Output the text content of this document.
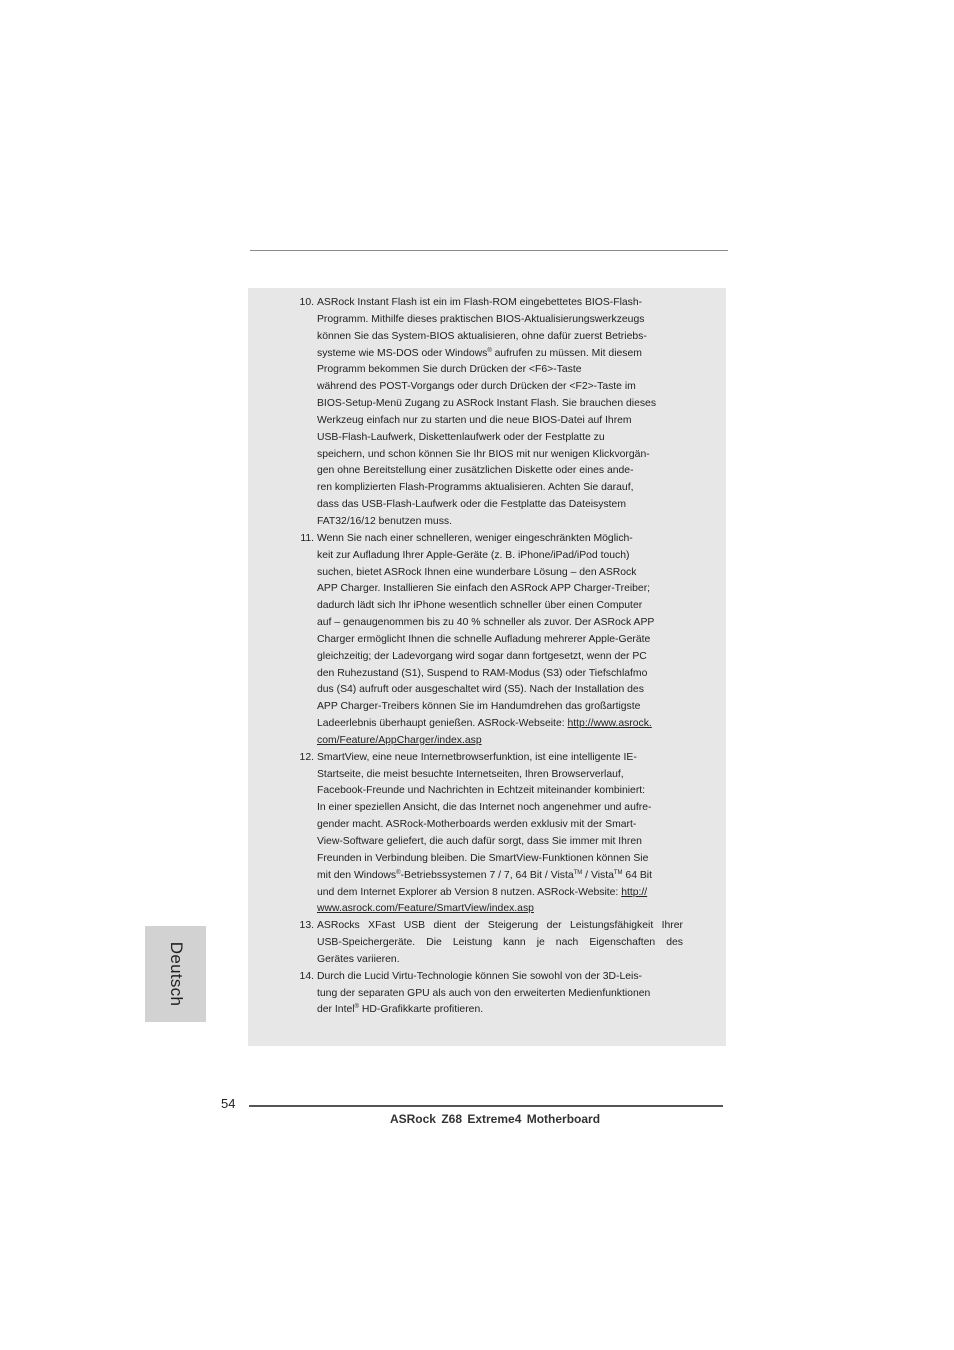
10. ASRock Instant Flash ist ein im Flash-ROM eingebettetes BIOS-Flash-
Programm. Mithilfe dieses praktischen BIOS-Aktualisierungswerkzeugs
können Sie das System-BIOS aktualisieren, ohne dafür zuerst Betriebs-
systeme wie MS-DOS oder Windows® aufrufen zu müssen. Mit diesem
Programm bekommen Sie durch Drücken der <F6>-Taste
während des POST-Vorgangs oder durch Drücken der <F2>-Taste im
BIOS-Setup-Menü Zugang zu ASRock Instant Flash. Sie brauchen dieses
Werkzeug einfach nur zu starten und die neue BIOS-Datei auf Ihrem
USB-Flash-Laufwerk, Diskettenlaufwerk oder der Festplatte zu
speichern, und schon können Sie Ihr BIOS mit nur wenigen Klickvorgän-
gen ohne Bereitstellung einer zusätzlichen Diskette oder eines ande-
ren komplizierten Flash-Programms aktualisieren. Achten Sie darauf,
dass das USB-Flash-Laufwerk oder die Festplatte das Dateisystem
FAT32/16/12 benutzen muss.
11. Wenn Sie nach einer schnelleren, weniger eingeschränkten Möglich-
keit zur Aufladung Ihrer Apple-Geräte (z. B. iPhone/iPad/iPod touch)
suchen, bietet ASRock Ihnen eine wunderbare Lösung – den ASRock
APP Charger. Installieren Sie einfach den ASRock APP Charger-Treiber;
dadurch lädt sich Ihr iPhone wesentlich schneller über einen Computer
auf – genaugenommen bis zu 40 % schneller als zuvor. Der ASRock APP
Charger ermöglicht Ihnen die schnelle Aufladung mehrerer Apple-Geräte
gleichzeitig; der Ladevorgang wird sogar dann fortgesetzt, wenn der PC
den Ruhezustand (S1), Suspend to RAM-Modus (S3) oder Tiefschlafmo
dus (S4) aufruft oder ausgeschaltet wird (S5). Nach der Installation des
APP Charger-Treibers können Sie im Handumdrehen das großartigste
Ladeerlebnis überhaupt genießen. ASRock-Webseite: http://www.asrock.
com/Feature/AppCharger/index.asp
12. SmartView, eine neue Internetbrowserfunktion, ist eine intelligente IE-
Startseite, die meist besuchte Internetseiten, Ihren Browserverlauf,
Facebook-Freunde und Nachrichten in Echtzeit miteinander kombiniert:
In einer speziellen Ansicht, die das Internet noch angenehmer und aufre-
gender macht. ASRock-Motherboards werden exklusiv mit der Smart-
View-Software geliefert, die auch dafür sorgt, dass Sie immer mit Ihren
Freunden in Verbindung bleiben. Die SmartView-Funktionen können Sie
mit den Windows®-Betriebssystemen 7 / 7, 64 Bit / Vista™ / Vista™ 64 Bit
und dem Internet Explorer ab Version 8 nutzen. ASRock-Website: http://
www.asrock.com/Feature/SmartView/index.asp
13. ASRocks XFast USB dient der Steigerung der Leistungsfähigkeit Ihrer
USB-Speichergeräte. Die Leistung kann je nach Eigenschaften des
Gerätes variieren.
14. Durch die Lucid Virtu-Technologie können Sie sowohl von der 3D-Leis-
tung der separaten GPU als auch von den erweiterten Medienfunktionen
der Intel® HD-Grafikkarte profitieren.
Deutsch
54
ASRock Z68 Extreme4 Motherboard
